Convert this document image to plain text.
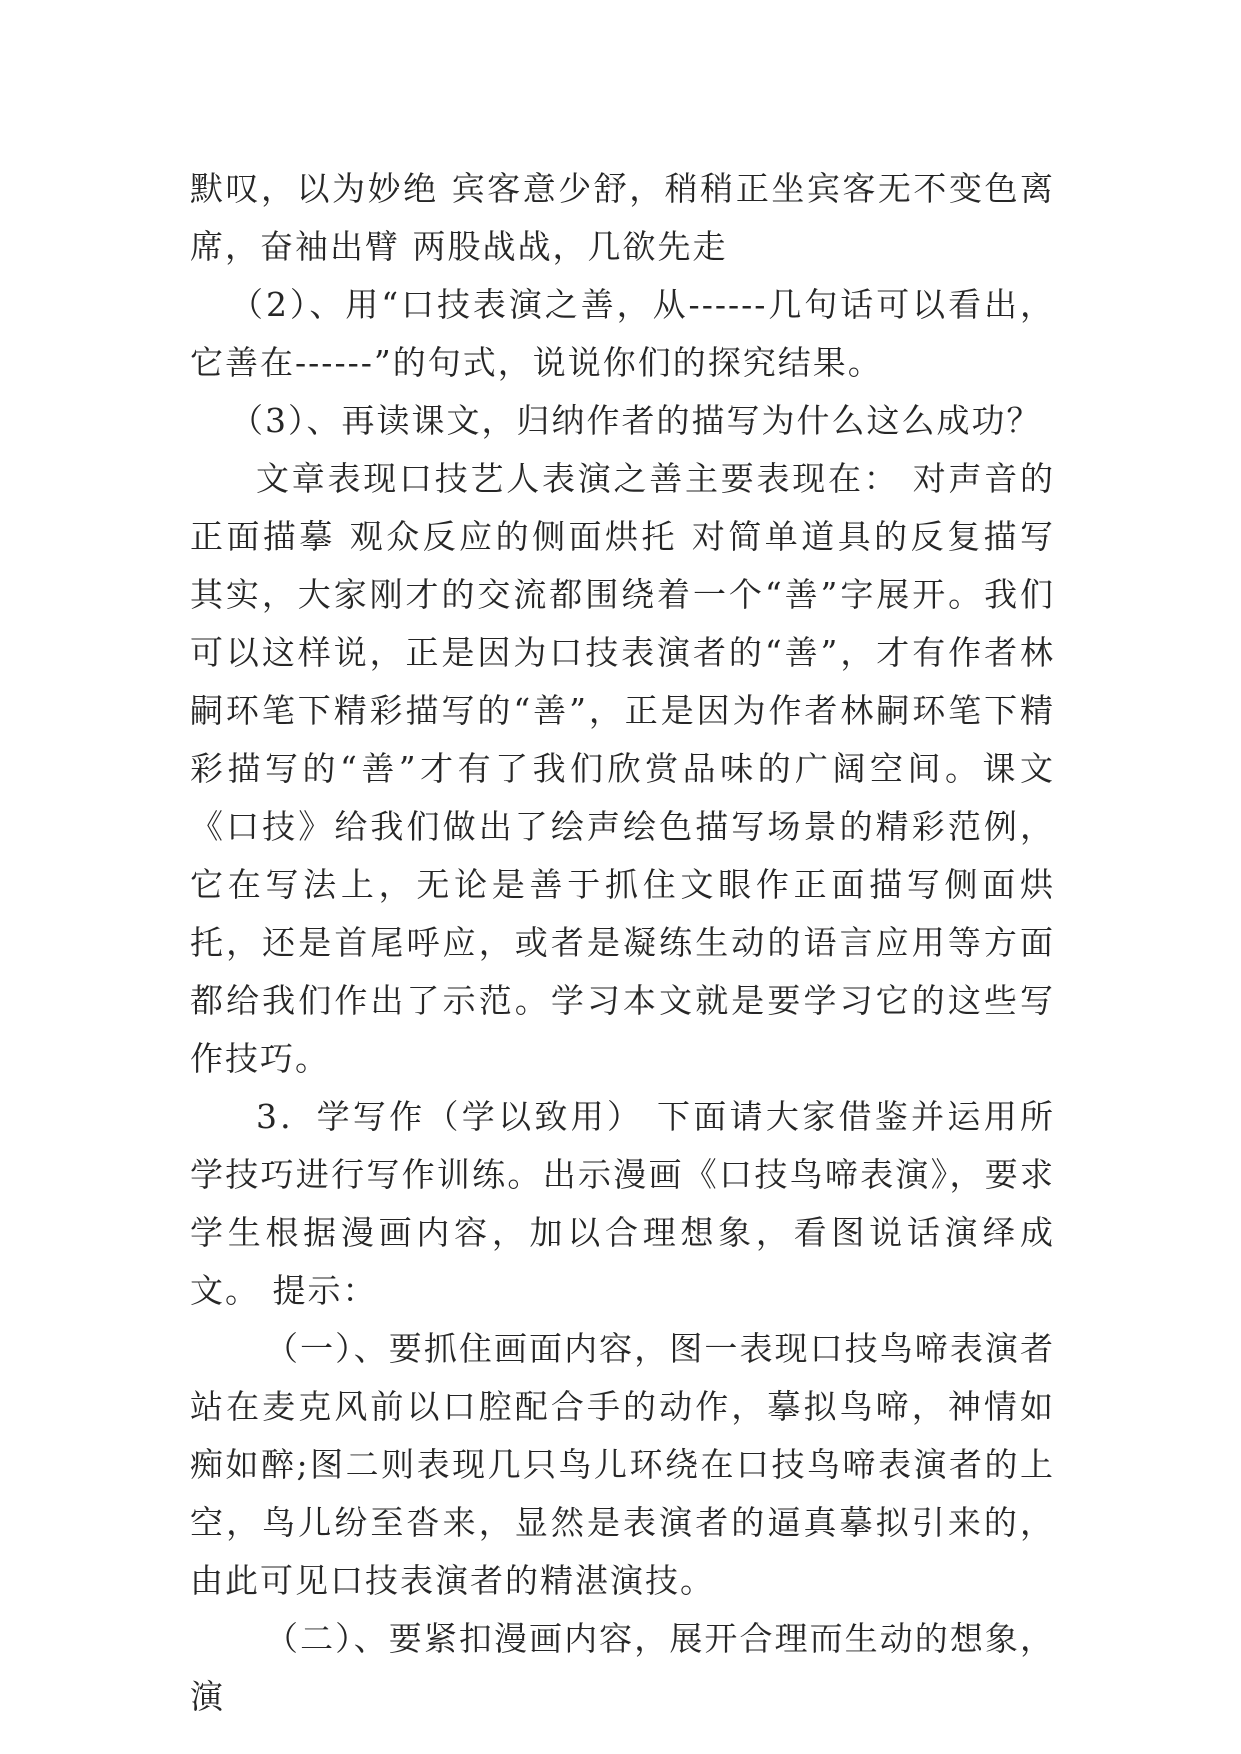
默叹，以为妙绝 宾客意少舒，稍稍正坐宾客无不变色离席，奋袖出臂 两股战战，几欲先走

（2）、用“口技表演之善，从------几句话可以看出，它善在------”的句式，说说你们的探究结果。

（3）、再读课文，归纳作者的描写为什么这么成功？

文章表现口技艺人表演之善主要表现在： 对声音的正面描摹 观众反应的侧面烘托 对简单道具的反复描写 其实，大家刚才的交流都围绕着一个“善”字展开。我们可以这样说，正是因为口技表演者的“善”，才有作者林嗣环笔下精彩描写的“善”，正是因为作者林嗣环笔下精彩描写的“善”才有了我们欣赏品味的广阔空间。课文《口技》给我们做出了绘声绘色描写场景的精彩范例，它在写法上，无论是善于抓住文眼作正面描写侧面烘托，还是首尾呼应，或者是凝练生动的语言应用等方面都给我们作出了示范。学习本文就是要学习它的这些写作技巧。

3．学写作（学以致用） 下面请大家借鉴并运用所学技巧进行写作训练。出示漫画《口技鸟啼表演》，要求学生根据漫画内容，加以合理想象，看图说话演绎成文。 提示：

（一）、要抓住画面内容，图一表现口技鸟啼表演者站在麦克风前以口腔配合手的动作，摹拟鸟啼，神情如痴如醉;图二则表现几只鸟儿环绕在口技鸟啼表演者的上空，鸟儿纷至沓来，显然是表演者的逼真摹拟引来的，由此可见口技表演者的精湛演技。

（二）、要紧扣漫画内容，展开合理而生动的想象，演
